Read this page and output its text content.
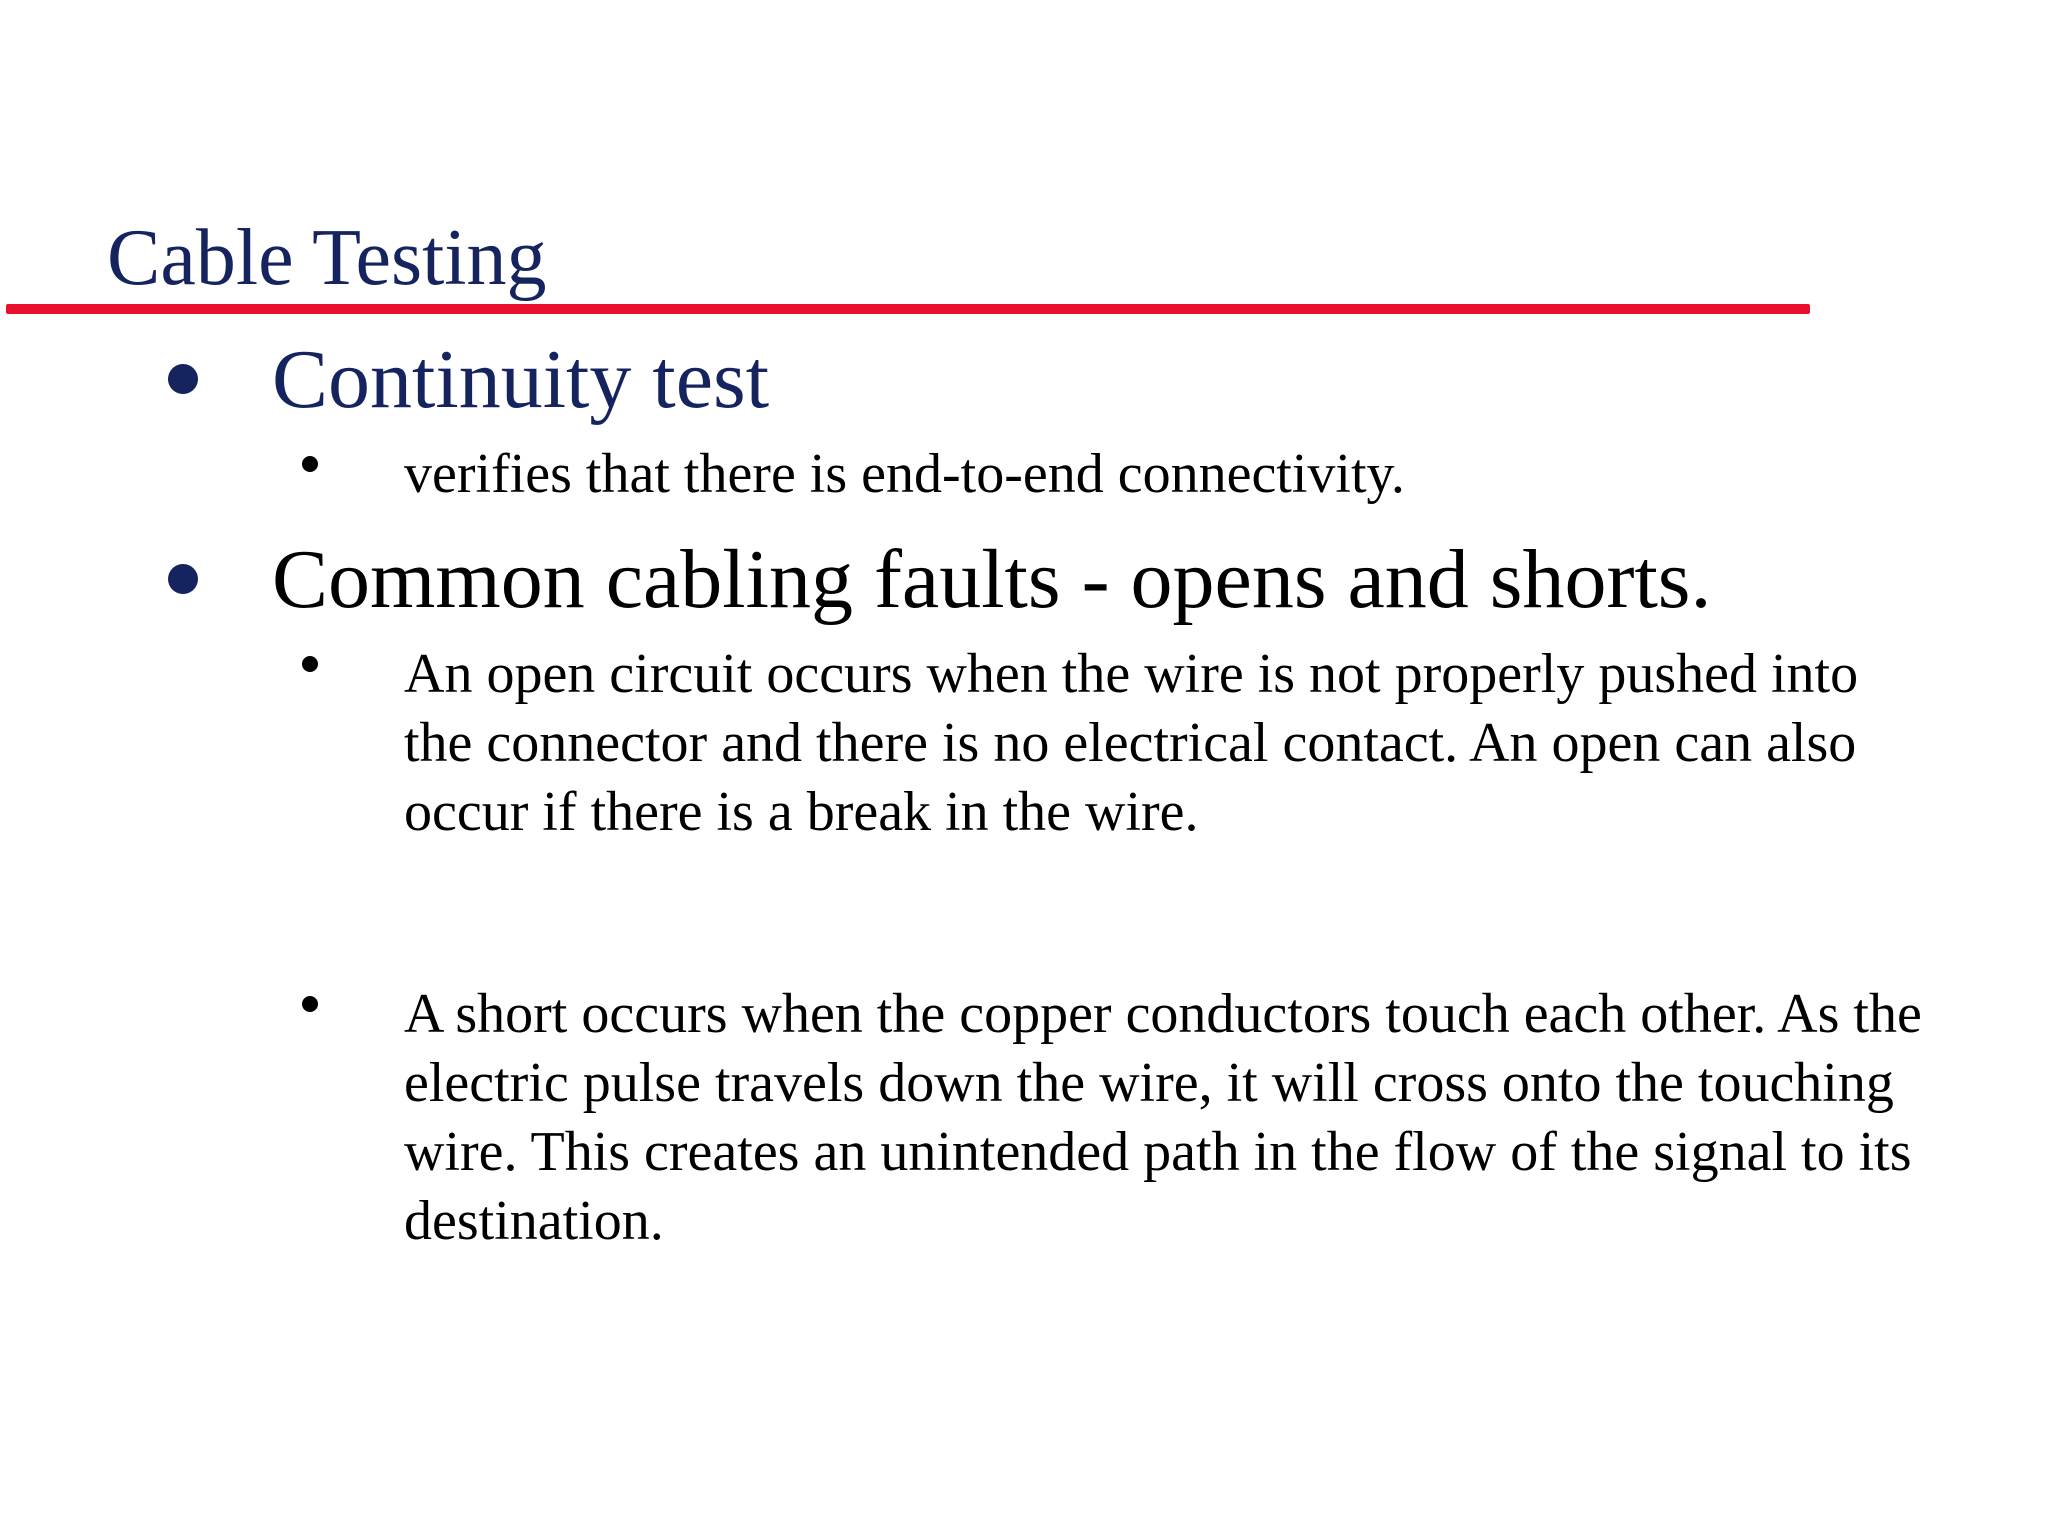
Cable Testing
Continuity test
verifies that there is end-to-end connectivity.
Common cabling faults - opens and shorts.
An open circuit occurs when the wire is not properly pushed into the connector and there is no electrical contact. An open can also occur if there is a break in the wire.
A short occurs when the copper conductors touch each other. As the electric pulse travels down the wire, it will cross onto the touching wire. This creates an unintended path in the flow of the signal to its destination.
